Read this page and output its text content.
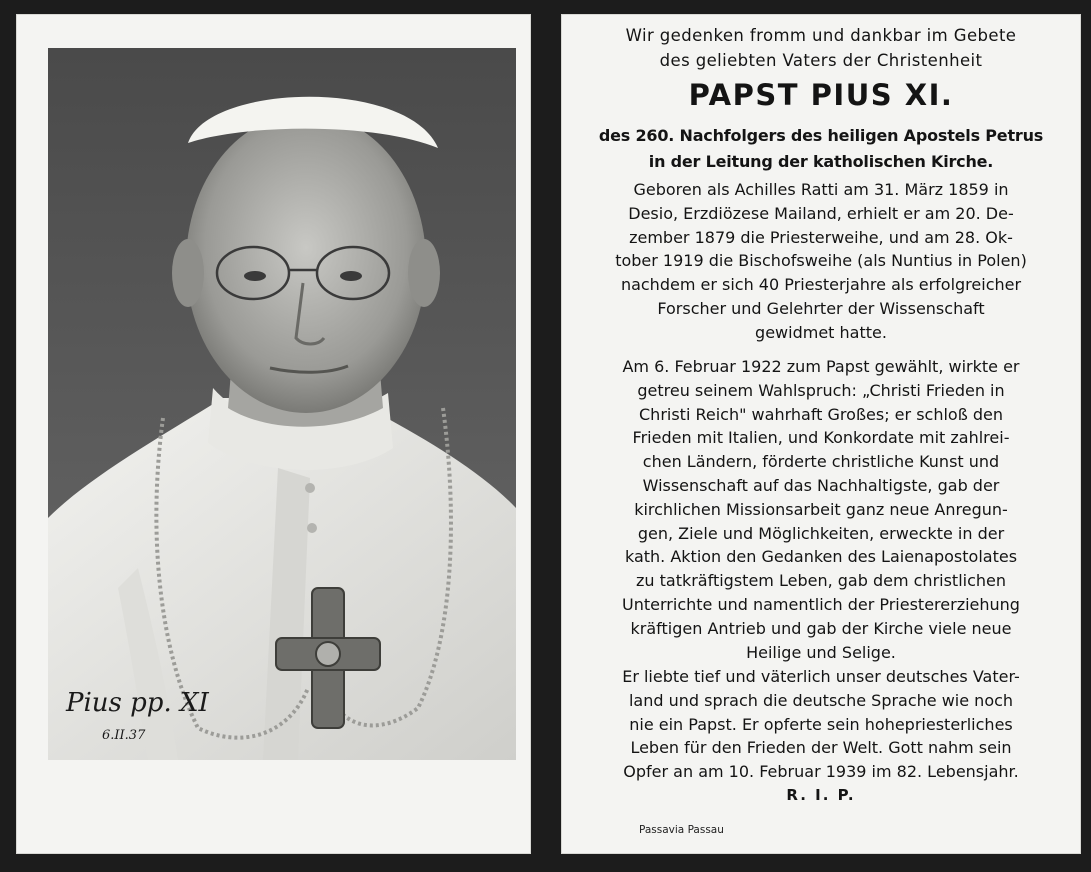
Pius pp. XI
6.II.37
Wir gedenken fromm und dankbar im Gebete
des geliebten Vaters der Christenheit
PAPST PIUS XI.
des 260. Nachfolgers des heiligen Apostels Petrus
in der Leitung der katholischen Kirche.
Geboren als Achilles Ratti am 31. März 1859 in
Desio, Erzdiözese Mailand, erhielt er am 20. De-
zember 1879 die Priesterweihe, und am 28. Ok-
tober 1919 die Bischofsweihe (als Nuntius in Polen)
nachdem er sich 40 Priesterjahre als erfolgreicher
Forscher und Gelehrter der Wissenschaft
gewidmet hatte.
Am 6. Februar 1922 zum Papst gewählt, wirkte er
getreu seinem Wahlspruch: „Christi Frieden in
Christi Reich" wahrhaft Großes; er schloß den
Frieden mit Italien, und Konkordate mit zahlrei-
chen Ländern, förderte christliche Kunst und
Wissenschaft auf das Nachhaltigste, gab der
kirchlichen Missionsarbeit ganz neue Anregun-
gen, Ziele und Möglichkeiten, erweckte in der
kath. Aktion den Gedanken des Laienapostolates
zu tatkräftigstem Leben, gab dem christlichen
Unterrichte und namentlich der Priestererziehung
kräftigen Antrieb und gab der Kirche viele neue
Heilige und Selige.
Er liebte tief und väterlich unser deutsches Vater-
land und sprach die deutsche Sprache wie noch
nie ein Papst. Er opferte sein hohepriesterliches
Leben für den Frieden der Welt. Gott nahm sein
Opfer an am 10. Februar 1939 im 82. Lebensjahr.
R. I. P.
Passavia Passau
